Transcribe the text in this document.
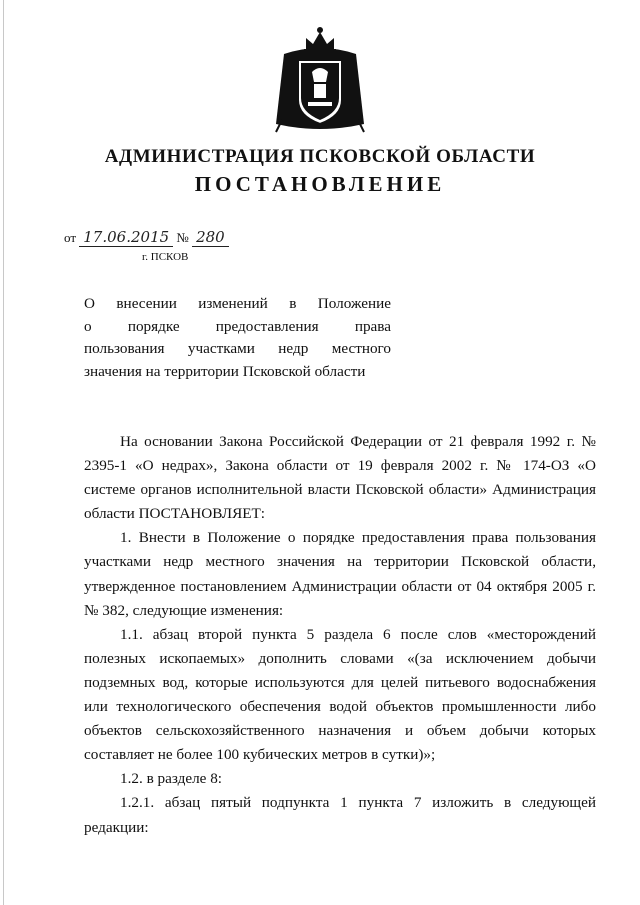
АДМИНИСТРАЦИЯ ПСКОВСКОЙ ОБЛАСТИ
ПОСТАНОВЛЕНИЕ
от 17.06.2015 № 280
г. ПСКОВ
О внесении изменений в Положение
о порядке предоставления права
пользования участками недр местного
значения на территории Псковской области

На основании Закона Российской Федерации от 21 февраля 1992 г. № 2395-1 «О недрах», Закона области от 19 февраля 2002 г. № 174-ОЗ «О системе органов исполнительной власти Псковской области» Администрация области ПОСТАНОВЛЯЕТ:

1. Внести в Положение о порядке предоставления права пользования участками недр местного значения на территории Псковской области, утвержденное постановлением Администрации области от 04 октября 2005 г. № 382, следующие изменения:

1.1. абзац второй пункта 5 раздела 6 после слов «месторождений полезных ископаемых» дополнить словами «(за исключением добычи подземных вод, которые используются для целей питьевого водоснабжения или технологического обеспечения водой объектов промышленности либо объектов сельскохозяйственного назначения и объем добычи которых составляет не более 100 кубических метров в сутки)»;

1.2. в разделе 8:

1.2.1. абзац пятый подпункта 1 пункта 7 изложить в следующей редакции:
